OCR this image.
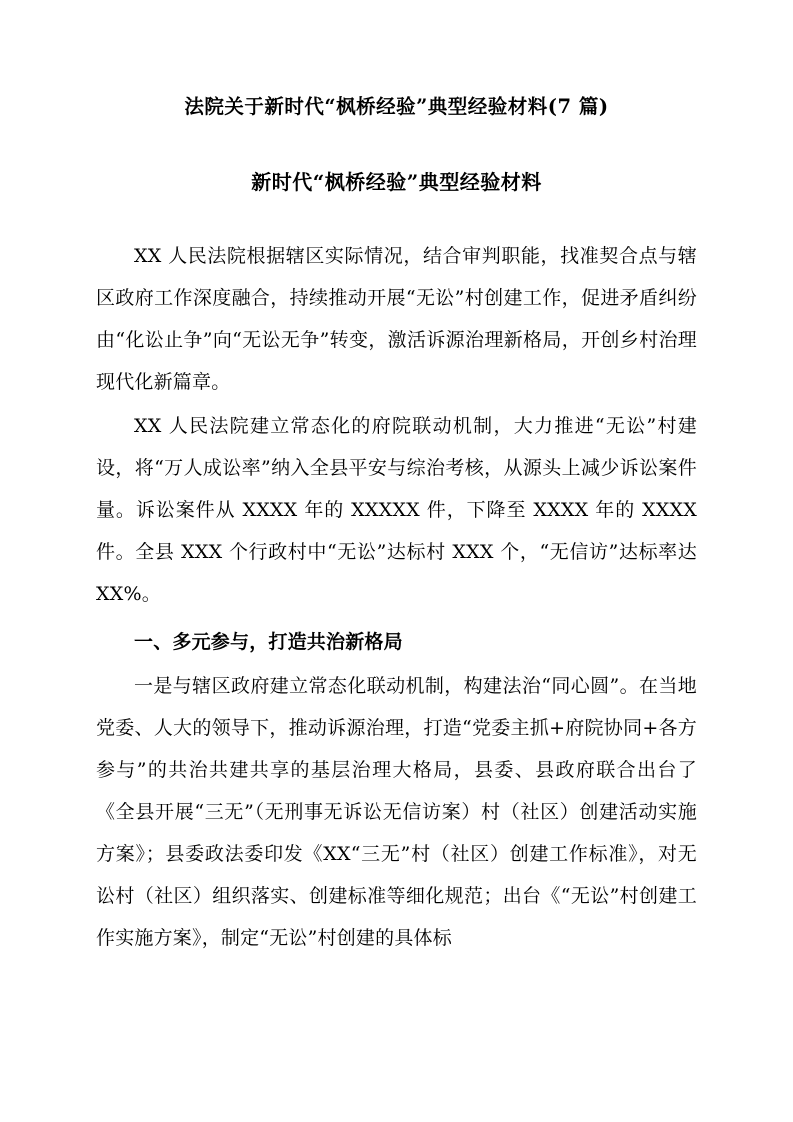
法院关于新时代“枫桥经验”典型经验材料(7 篇)
新时代“枫桥经验”典型经验材料

XX 人民法院根据辖区实际情况，结合审判职能，找准契合点与辖区政府工作深度融合，持续推动开展“无讼”村创建工作，促进矛盾纠纷由“化讼止争”向“无讼无争”转变，激活诉源治理新格局，开创乡村治理现代化新篇章。

XX 人民法院建立常态化的府院联动机制，大力推进“无讼”村建设，将“万人成讼率”纳入全县平安与综治考核，从源头上减少诉讼案件量。诉讼案件从 XXXX 年的 XXXXX 件，下降至 XXXX 年的 XXXX 件。全县 XXX 个行政村中“无讼”达标村 XXX 个，“无信访”达标率达 XX%。

一、多元参与，打造共治新格局

一是与辖区政府建立常态化联动机制，构建法治“同心圆”。在当地党委、人大的领导下，推动诉源治理，打造“党委主抓+府院协同+各方参与”的共治共建共享的基层治理大格局，县委、县政府联合出台了《全县开展“三无”（无刑事无诉讼无信访案）村（社区）创建活动实施方案》；县委政法委印发《XX“三无”村（社区）创建工作标准》，对无讼村（社区）组织落实、创建标准等细化规范；出台《“无讼”村创建工作实施方案》，制定“无讼”村创建的具体标
